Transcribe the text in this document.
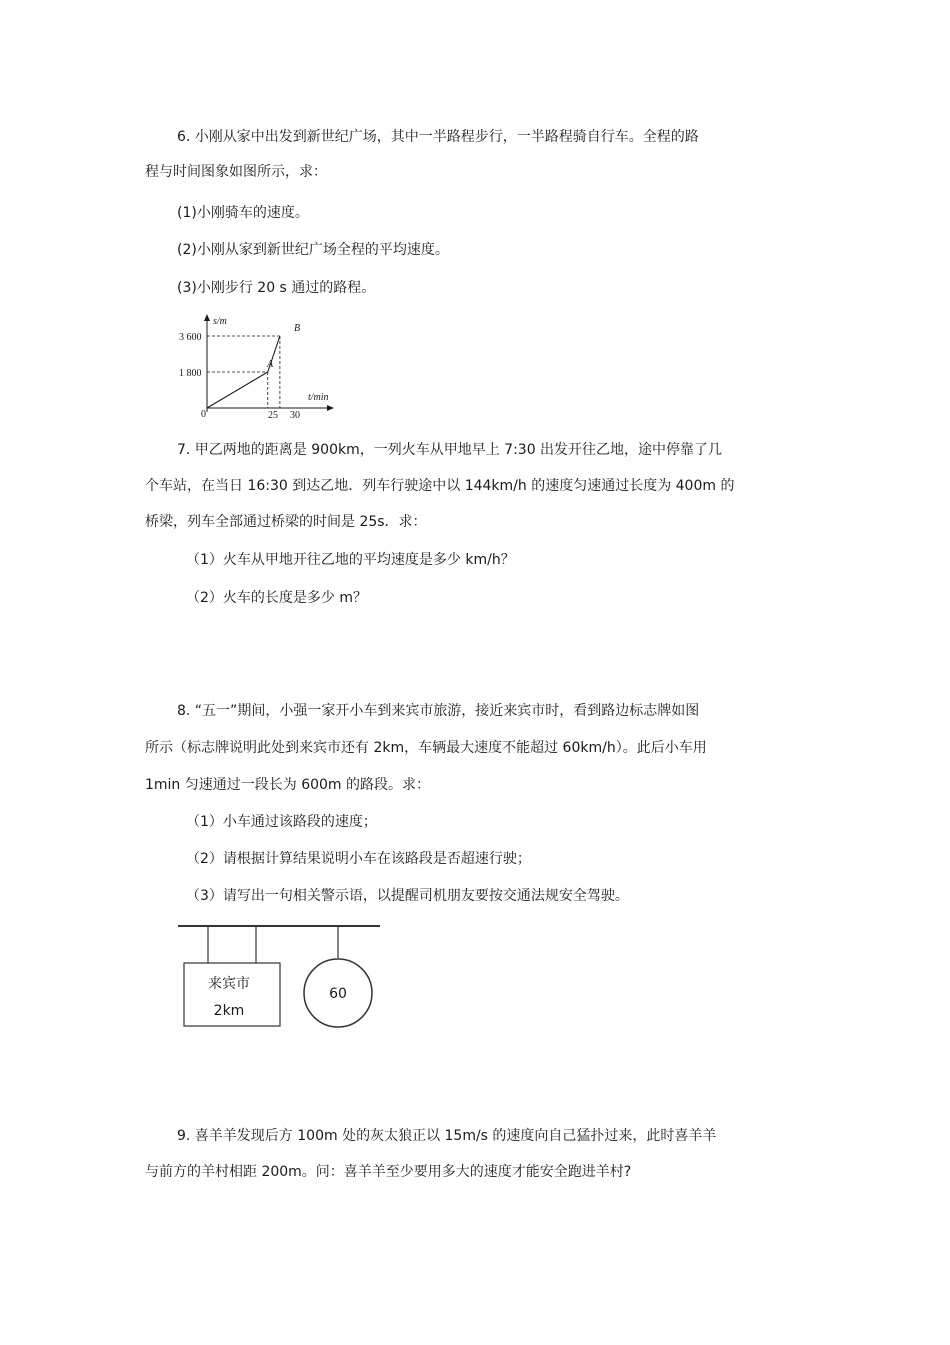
6. 小刚从家中出发到新世纪广场，其中一半路程步行，一半路程骑自行车。全程的路
程与时间图象如图所示，求：
(1)小刚骑车的速度。
(2)小刚从家到新世纪广场全程的平均速度。
(3)小刚步行 20 s 通过的路程。
s/m
t/min
3 600
1 800
25 30
0
A
B
7. 甲乙两地的距离是 900km，一列火车从甲地早上 7:30 出发开往乙地，途中停靠了几
个车站，在当日 16:30 到达乙地．列车行驶途中以 144km/h 的速度匀速通过长度为 400m 的
桥梁，列车全部通过桥梁的时间是 25s．求：
（1）火车从甲地开往乙地的平均速度是多少 km/h？
（2）火车的长度是多少 m？
8. “五一”期间，小强一家开小车到来宾市旅游，接近来宾市时，看到路边标志牌如图
所示（标志牌说明此处到来宾市还有 2km，车辆最大速度不能超过 60km/h）。此后小车用
1min 匀速通过一段长为 600m 的路段。求：
（1）小车通过该路段的速度；
（2）请根据计算结果说明小车在该路段是否超速行驶；
（3）请写出一句相关警示语，以提醒司机朋友要按交通法规安全驾驶。
来宾市
2km
60
9. 喜羊羊发现后方 100m 处的灰太狼正以 15m/s 的速度向自己猛扑过来，此时喜羊羊
与前方的羊村相距 200m。问：喜羊羊至少要用多大的速度才能安全跑进羊村?
